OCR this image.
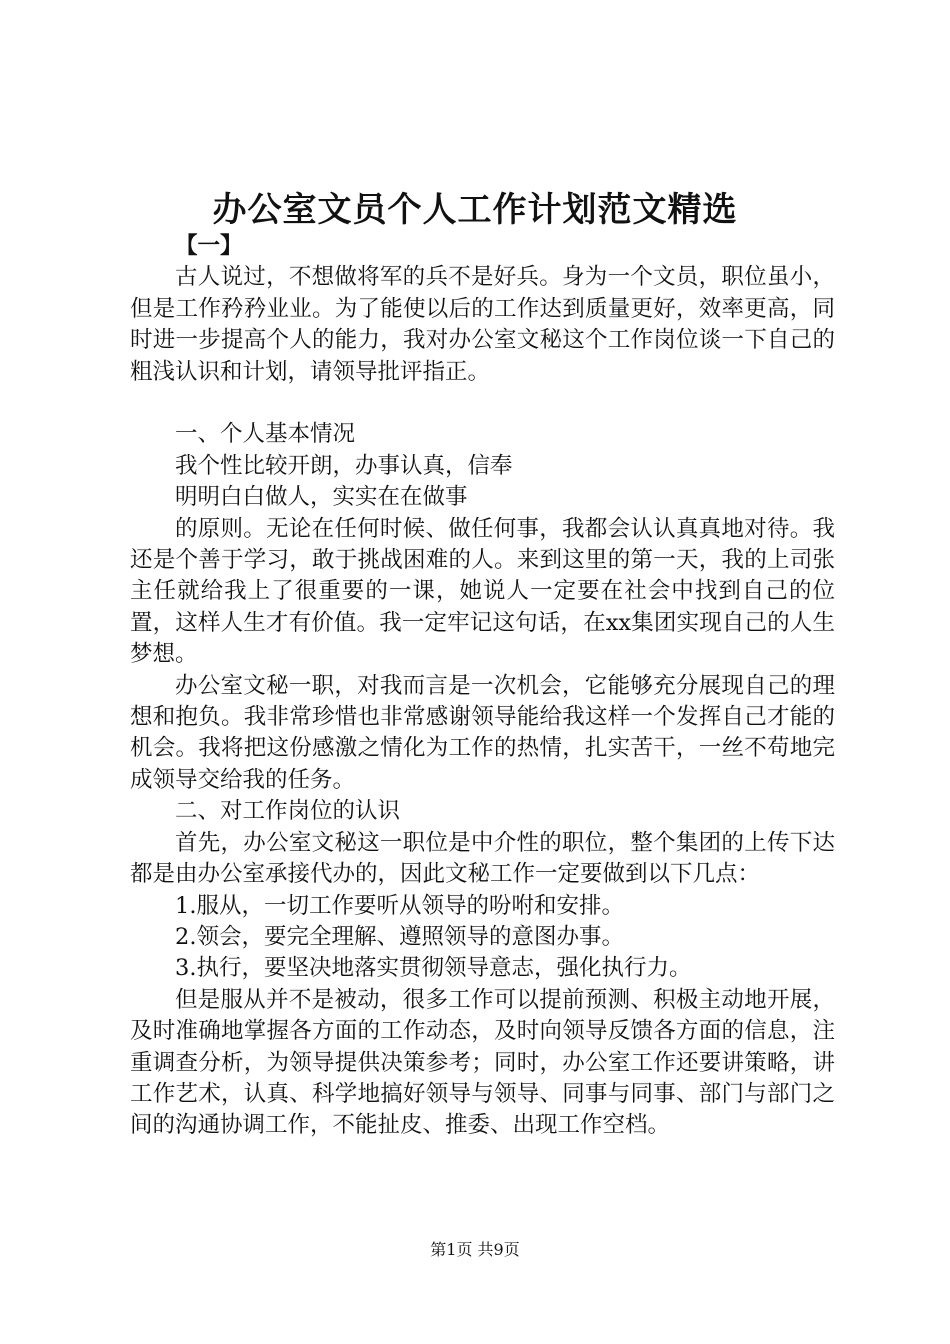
办公室文员个人工作计划范文精选

【一】

古人说过，不想做将军的兵不是好兵。身为一个文员，职位虽小，但是工作矜矜业业。为了能使以后的工作达到质量更好，效率更高，同时进一步提高个人的能力，我对办公室文秘这个工作岗位谈一下自己的粗浅认识和计划，请领导批评指正。

一、个人基本情况

我个性比较开朗，办事认真，信奉

明明白白做人，实实在在做事

的原则。无论在任何时候、做任何事，我都会认认真真地对待。我还是个善于学习，敢于挑战困难的人。来到这里的第一天，我的上司张主任就给我上了很重要的一课，她说人一定要在社会中找到自己的位置，这样人生才有价值。我一定牢记这句话，在xx集团实现自己的人生梦想。

办公室文秘一职，对我而言是一次机会，它能够充分展现自己的理想和抱负。我非常珍惜也非常感谢领导能给我这样一个发挥自己才能的机会。我将把这份感激之情化为工作的热情，扎实苦干，一丝不苟地完成领导交给我的任务。

二、对工作岗位的认识

首先，办公室文秘这一职位是中介性的职位，整个集团的上传下达都是由办公室承接代办的，因此文秘工作一定要做到以下几点：

1.服从，一切工作要听从领导的吩咐和安排。

2.领会，要完全理解、遵照领导的意图办事。

3.执行，要坚决地落实贯彻领导意志，强化执行力。

但是服从并不是被动，很多工作可以提前预测、积极主动地开展，及时准确地掌握各方面的工作动态，及时向领导反馈各方面的信息，注重调查分析，为领导提供决策参考；同时，办公室工作还要讲策略，讲工作艺术，认真、科学地搞好领导与领导、同事与同事、部门与部门之间的沟通协调工作，不能扯皮、推委、出现工作空档。

第1页 共9页
